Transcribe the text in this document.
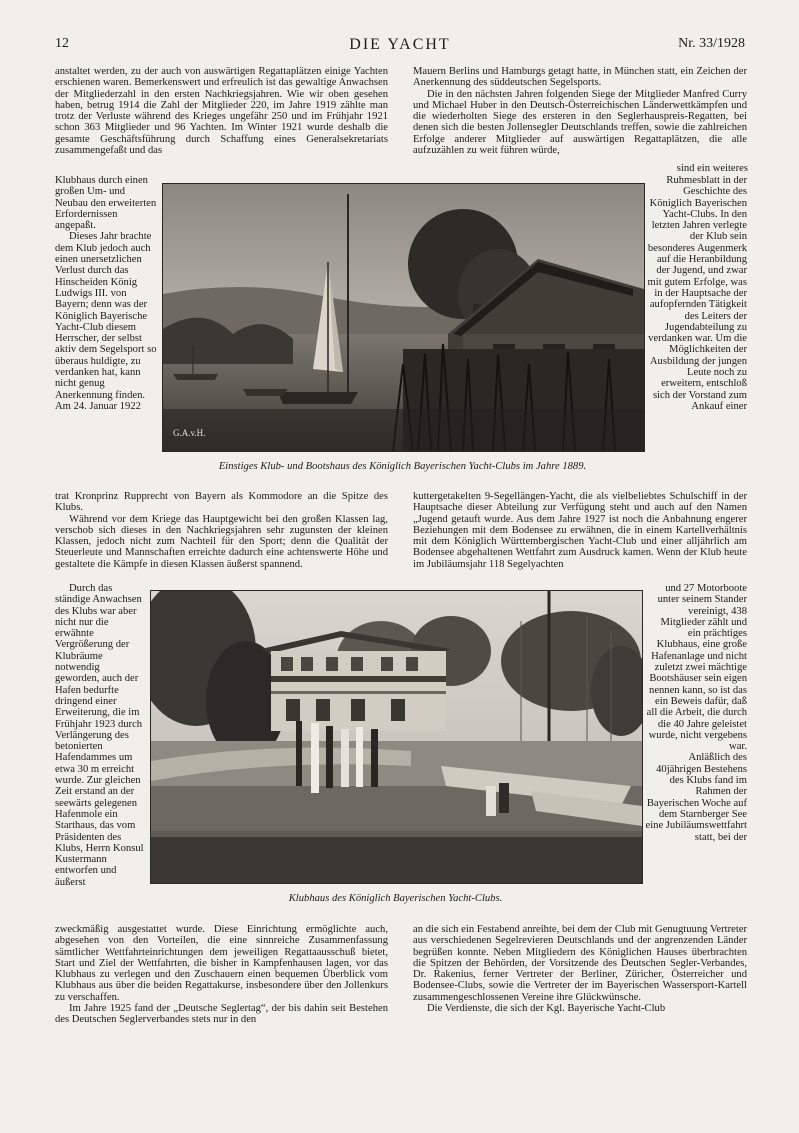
12	DIE YACHT	Nr. 33/1928

anstaltet werden, zu der auch von auswärtigen Regattaplätzen einige Yachten erschienen waren. Bemerkenswert und erfreulich ist das gewaltige Anwachsen der Mitgliederzahl in den ersten Nachkriegsjahren. Wie wir oben gesehen haben, betrug 1914 die Zahl der Mitglieder 220, im Jahre 1919 zählte man trotz der Verluste während des Krieges ungefähr 250 und im Frühjahr 1921 schon 363 Mitglieder und 96 Yachten. Im Winter 1921 wurde deshalb die gesamte Geschäftsführung durch Schaffung eines Generalsekretariats zusammengefaßt und das

Mauern Berlins und Hamburgs getagt hatte, in München statt, ein Zeichen der Anerkennung des süddeutschen Segelsports.

Die in den nächsten Jahren folgenden Siege der Mitglieder Manfred Curry und Michael Huber in den Deutsch-Österreichischen Länderwettkämpfen und die wiederholten Siege des ersteren in den Seglerhauspreis-Regatten, bei denen sich die besten Jollensegler Deutschlands treffen, sowie die zahlreichen Erfolge anderer Mitglieder auf auswärtigen Regattaplätzen, die alle aufzuzählen zu weit führen würde,

sind ein weiteres

Klubhaus durch einen großen Um- und Neubau den erweiterten Erfordernissen angepaßt.

Dieses Jahr brachte dem Klub jedoch auch einen unersetzlichen Verlust durch das Hinscheiden König Ludwigs III. von Bayern; denn was der Königlich Bayerische Yacht-Club diesem Herrscher, der selbst aktiv dem Segelsport so überaus huldigte, zu verdanken hat, kann nicht genug Anerkennung finden. Am 24. Januar 1922

G.A.v.H.
Einstiges Klub- und Bootshaus des Königlich Bayerischen Yacht-Clubs im Jahre 1889.

Ruhmesblatt in der Geschichte des Königlich Bayerischen Yacht-Clubs. In den letzten Jahren verlegte der Klub sein besonderes Augenmerk auf die Heranbildung der Jugend, und zwar mit gutem Erfolge, was in der Hauptsache der aufopfernden Tätigkeit des Leiters der Jugendabteilung zu verdanken war. Um die Möglichkeiten der Ausbildung der jungen Leute noch zu erweitern, entschloß sich der Vorstand zum Ankauf einer

trat Kronprinz Rupprecht von Bayern als Kommodore an die Spitze des Klubs.

Während vor dem Kriege das Hauptgewicht bei den großen Klassen lag, verschob sich dieses in den Nachkriegsjahren sehr zugunsten der kleinen Klassen, jedoch nicht zum Nachteil für den Sport; denn die Qualität der Steuerleute und Mannschaften erreichte dadurch eine achtenswerte Höhe und gestaltete die Kämpfe in diesen Klassen äußerst spannend.

kuttergetakelten 9-Segellängen-Yacht, die als vielbeliebtes Schulschiff in der Hauptsache dieser Abteilung zur Verfügung steht und auch auf den Namen „Jugend getauft wurde. Aus dem Jahre 1927 ist noch die Anbahnung engerer Beziehungen mit dem Bodensee zu erwähnen, die in einem Kartellverhältnis mit dem Königlich Württembergischen Yacht-Club und einer alljährlich am Bodensee abgehaltenen Wettfahrt zum Ausdruck kamen. Wenn der Klub heute im Jubiläumsjahr 118 Segelyachten

Durch das ständige Anwachsen des Klubs war aber nicht nur die erwähnte Vergrößerung der Klubräume notwendig geworden, auch der Hafen bedurfte dringend einer Erweiterung, die im Frühjahr 1923 durch Verlängerung des betonierten Hafendammes um etwa 30 m erreicht wurde. Zur gleichen Zeit erstand an der seewärts gelegenen Hafenmole ein Starthaus, das vom Präsidenten des Klubs, Herrn Konsul Kustermann entworfen und äußerst

Klubhaus des Königlich Bayerischen Yacht-Clubs.

und 27 Motorboote unter seinem Stander vereinigt, 438 Mitglieder zählt und ein prächtiges Klubhaus, eine große Hafenanlage und nicht zuletzt zwei mächtige Bootshäuser sein eigen nennen kann, so ist das ein Beweis dafür, daß all die Arbeit, die durch die 40 Jahre geleistet wurde, nicht vergebens war.

Anläßlich des 40jährigen Bestehens des Klubs fand im Rahmen der Bayerischen Woche auf dem Starnberger See eine Jubiläumswettfahrt statt, bei der

zweckmäßig ausgestattet wurde. Diese Einrichtung ermöglichte auch, abgesehen von den Vorteilen, die eine sinnreiche Zusammenfassung sämtlicher Wettfahrteinrichtungen dem jeweiligen Regattaausschuß bietet, Start und Ziel der Wettfahrten, die bisher in Kampfenhausen lagen, vor das Klubhaus zu verlegen und den Zuschauern einen bequemen Überblick vom Klubhaus aus über die beiden Regattakurse, insbesondere über den Jollenkurs zu verschaffen.

Im Jahre 1925 fand der „Deutsche Seglertag“, der bis dahin seit Bestehen des Deutschen Seglerverbandes stets nur in den

an die sich ein Festabend anreihte, bei dem der Club mit Genugtuung Vertreter aus verschiedenen Segelrevieren Deutschlands und der angrenzenden Länder begrüßen konnte. Neben Mitgliedern des Königlichen Hauses überbrachten die Spitzen der Behörden, der Vorsitzende des Deutschen Segler-Verbandes, Dr. Rakenius, ferner Vertreter der Berliner, Züricher, Österreicher und Bodensee-Clubs, sowie die Vertreter der im Bayerischen Wassersport-Kartell zusammengeschlossenen Vereine ihre Glückwünsche.

Die Verdienste, die sich der Kgl. Bayerische Yacht-Club
